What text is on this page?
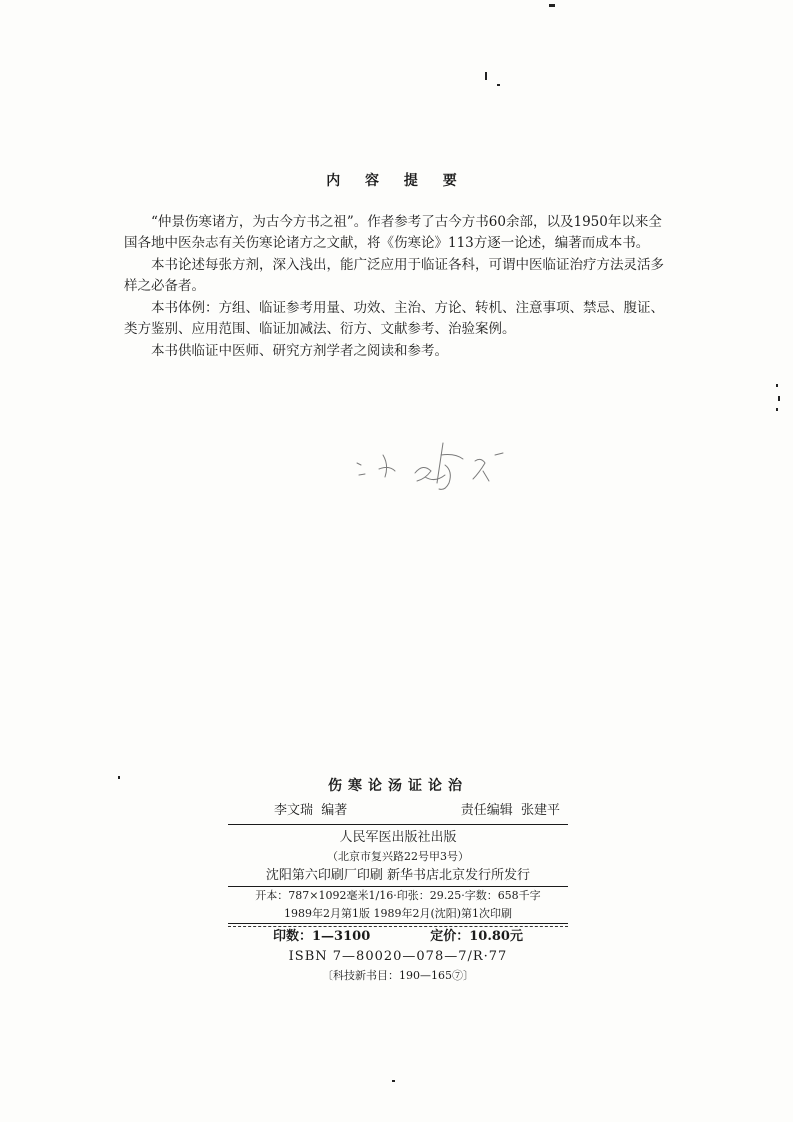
内 容 提 要

“仲景伤寒诸方，为古今方书之祖”。作者参考了古今方书60余部，以及1950年以来全国各地中医杂志有关伤寒论诸方之文献，将《伤寒论》113方逐一论述，编著而成本书。

本书论述每张方剂，深入浅出，能广泛应用于临证各科，可谓中医临证治疗方法灵活多样之必备者。

本书体例：方组、临证参考用量、功效、主治、方论、转机、注意事项、禁忌、腹证、类方鉴别、应用范围、临证加减法、衍方、文献参考、治验案例。

本书供临证中医师、研究方剂学者之阅读和参考。

伤寒论汤证论治
李文瑞  编著	责任编辑  张建平
人民军医出版社出版
（北京市复兴路22号甲3号）
沈阳第六印刷厂印刷 新华书店北京发行所发行
开本：787×1092毫米1/16·印张：29.25·字数：658千字
1989年2月第1版 1989年2月(沈阳)第1次印刷
印数：1—3100	定价：10.80元
ISBN 7—80020—078—7/R·77
〔科技新书目：190—165⑦〕
